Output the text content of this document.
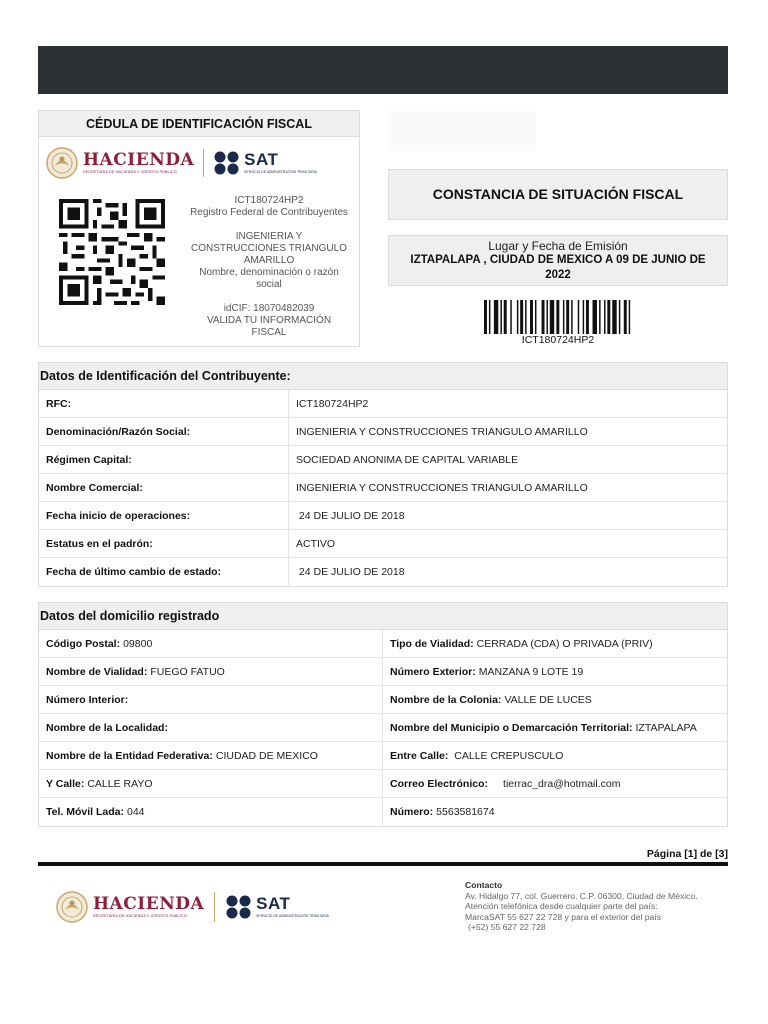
CÉDULA DE IDENTIFICACIÓN FISCAL
HACIENDA
SECRETARÍA DE HACIENDA Y CRÉDITO PÚBLICO
SAT
SERVICIO DE ADMINISTRACIÓN TRIBUTARIA
ICT180724HP2
Registro Federal de Contribuyentes
INGENIERIA Y
CONSTRUCCIONES TRIANGULO
AMARILLO
Nombre, denominación o razón
social
idCIF: 18070482039
VALIDA TU INFORMACIÓN
FISCAL
CONSTANCIA DE SITUACIÓN FISCAL
Lugar y Fecha de Emisión
IZTAPALAPA , CIUDAD DE MEXICO A 09 DE JUNIO DE
2022
ICT180724HP2
Datos de Identificación del Contribuyente:
RFC:	ICT180724HP2
Denominación/Razón Social:	INGENIERIA Y CONSTRUCCIONES TRIANGULO AMARILLO
Régimen Capital:	SOCIEDAD ANONIMA DE CAPITAL VARIABLE
Nombre Comercial:	INGENIERIA Y CONSTRUCCIONES TRIANGULO AMARILLO
Fecha inicio de operaciones:	24 DE JULIO DE 2018
Estatus en el padrón:	ACTIVO
Fecha de último cambio de estado:	24 DE JULIO DE 2018
Datos del domicilio registrado
Código Postal: 09800	Tipo de Vialidad: CERRADA (CDA) O PRIVADA (PRIV)
Nombre de Vialidad: FUEGO FATUO	Número Exterior: MANZANA 9 LOTE 19
Número Interior:	Nombre de la Colonia: VALLE DE LUCES
Nombre de la Localidad:	Nombre del Municipio o Demarcación Territorial: IZTAPALAPA
Nombre de la Entidad Federativa: CIUDAD DE MEXICO	Entre Calle: CALLE CREPUSCULO
Y Calle: CALLE RAYO	Correo Electrónico: tierrac_dra@hotmail.com
Tel. Móvil Lada: 044	Número: 5563581674
Página [1] de [3]
HACIENDA
SECRETARÍA DE HACIENDA Y CRÉDITO PÚBLICO
SAT
SERVICIO DE ADMINISTRACIÓN TRIBUTARIA
Contacto
Av. Hidalgo 77, col. Guerrero, C.P. 06300, Ciudad de México.
Atención telefónica desde cualquier parte del país:
MarcaSAT 55 627 22 728 y para el exterior del país
(+52) 55 627 22 728
